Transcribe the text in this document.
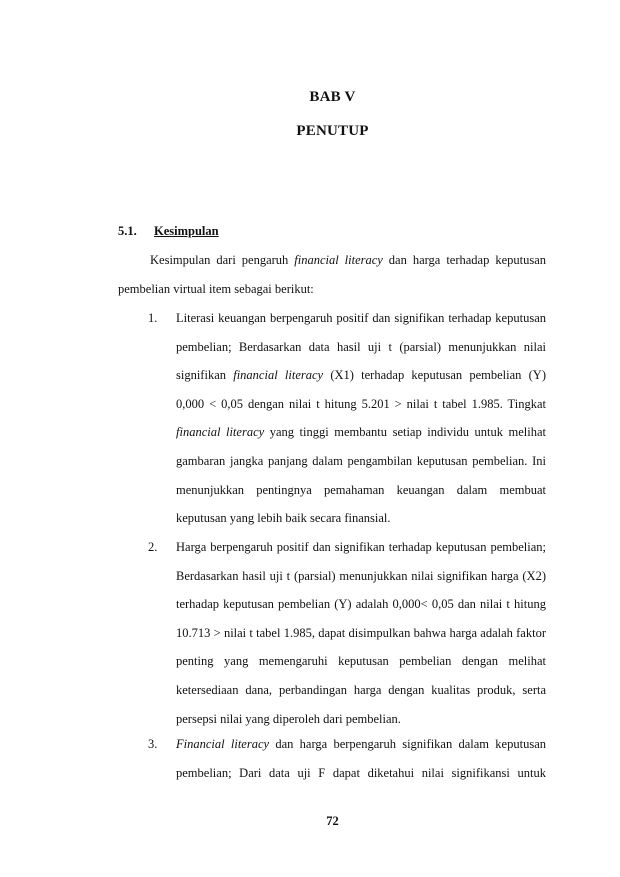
BAB V
PENUTUP
5.1. Kesimpulan
Kesimpulan dari pengaruh financial literacy dan harga terhadap keputusan
pembelian virtual item sebagai berikut:
1. Literasi keuangan berpengaruh positif dan signifikan terhadap keputusan
pembelian; Berdasarkan data hasil uji t (parsial) menunjukkan nilai
signifikan financial literacy (X1) terhadap keputusan pembelian (Y)
0,000 < 0,05 dengan nilai t hitung 5.201 > nilai t tabel 1.985. Tingkat
financial literacy yang tinggi membantu setiap individu untuk melihat
gambaran jangka panjang dalam pengambilan keputusan pembelian. Ini
menunjukkan pentingnya pemahaman keuangan dalam membuat
keputusan yang lebih baik secara finansial.
2. Harga berpengaruh positif dan signifikan terhadap keputusan pembelian;
Berdasarkan hasil uji t (parsial) menunjukkan nilai signifikan harga (X2)
terhadap keputusan pembelian (Y) adalah 0,000< 0,05 dan nilai t hitung
10.713 > nilai t tabel 1.985, dapat disimpulkan bahwa harga adalah faktor
penting yang memengaruhi keputusan pembelian dengan melihat
ketersediaan dana, perbandingan harga dengan kualitas produk, serta
persepsi nilai yang diperoleh dari pembelian.
3. Financial literacy dan harga berpengaruh signifikan dalam keputusan
pembelian; Dari data uji F dapat diketahui nilai signifikansi untuk
72
